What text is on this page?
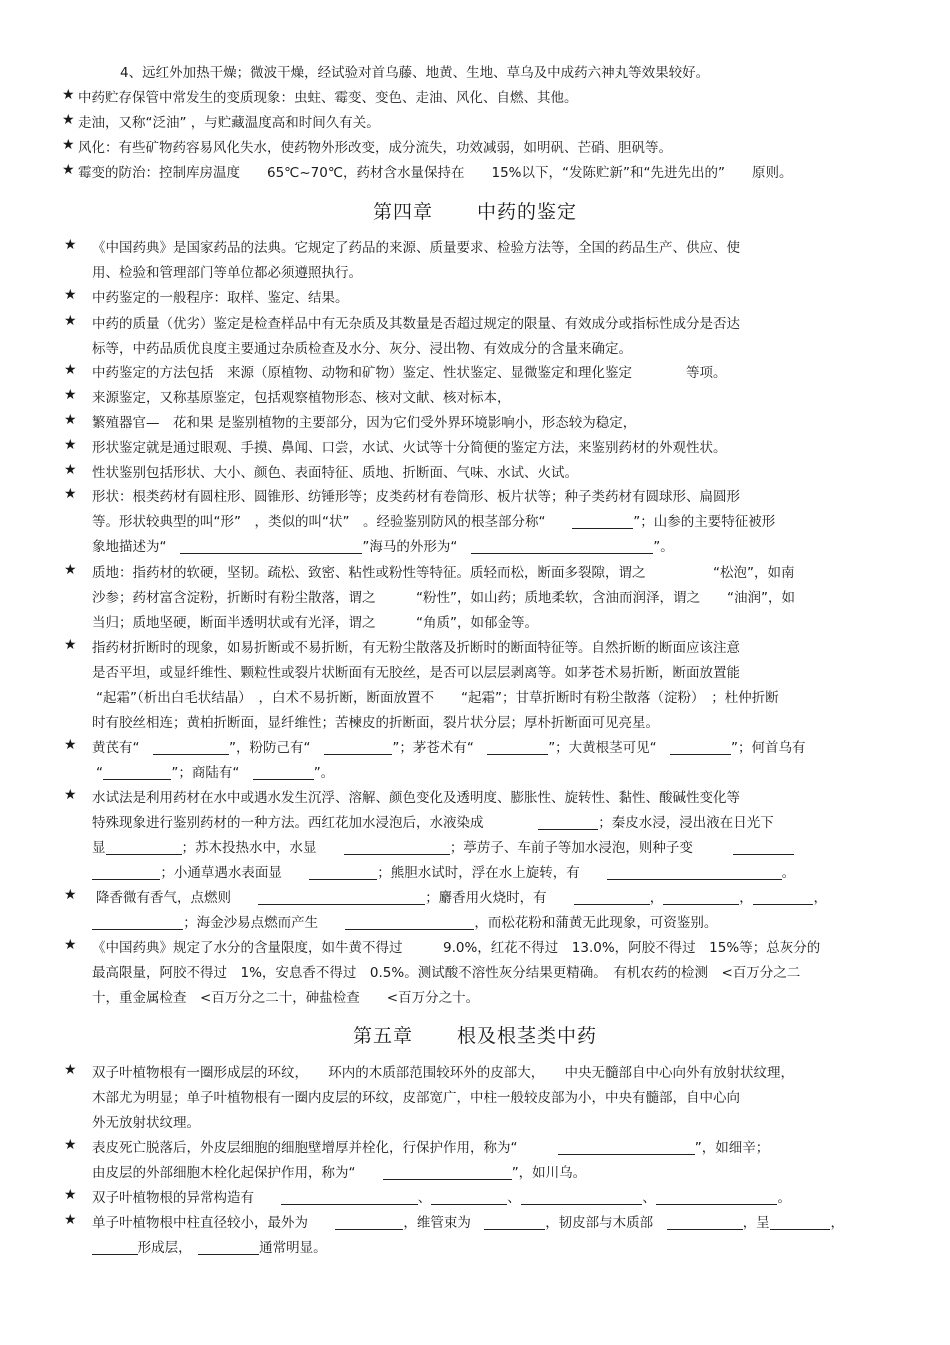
4、远红外加热干燥；微波干燥，经试验对首乌藤、地黄、生地、草乌及中成药六神丸等效果较好。
★ 中药贮存保管中常发生的变质现象：虫蛀、霉变、变色、走油、风化、自燃、其他。
★ 走油，又称“泛油” ，与贮藏温度高和时间久有关。
★ 风化：有些矿物药容易风化失水，使药物外形改变，成分流失，功效减弱，如明矾、芒硝、胆矾等。
★ 霉变的防治：控制库房温度　　65℃~70℃，药材含水量保持在　　15%以下，“发陈贮新”和“先进先出的”　　原则。
★ 《中国药典》是国家药品的法典。它规定了药品的来源、质量要求、检验方法等，全国的药品生产、供应、使
用、检验和管理部门等单位都必须遵照执行。
★ 中药鉴定的一般程序：取样、鉴定、结果。
★ 中药的质量（优劣）鉴定是检查样品中有无杂质及其数量是否超过规定的限量、有效成分或指标性成分是否达
标等，中药品质优良度主要通过杂质检查及水分、灰分、浸出物、有效成分的含量来确定。
★ 中药鉴定的方法包括　来源（原植物、动物和矿物）鉴定、性状鉴定、显微鉴定和理化鉴定　　　　等项。
★ 来源鉴定，又称基原鉴定，包括观察植物形态、核对文献、核对标本，
★ 繁殖器官—　花和果 是鉴别植物的主要部分，因为它们受外界环境影响小，形态较为稳定，
★ 形状鉴定就是通过眼观、手摸、鼻闻、口尝，水试、火试等十分简便的鉴定方法，来鉴别药材的外观性状。
★ 性状鉴别包括形状、大小、颜色、表面特征、质地、折断面、气味、水试、火试。
★ 形状：根类药材有圆柱形、圆锥形、纺锤形等；皮类药材有卷筒形、板片状等；种子类药材有圆球形、扁圆形
等。形状较典型的叫“形”　，类似的叫“状”　。经验鉴别防风的根茎部分称“　　	”；山参的主要特征被形
象地描述为“　	”海马的外形为“　	”。
★ 质地：指药材的软硬，坚韧。疏松、致密、粘性或粉性等特征。质轻而松，断面多裂隙，谓之　　　　　“松泡”，如南
沙参；药材富含淀粉，折断时有粉尘散落，谓之　　　“粉性”，如山药；质地柔软，含油而润泽，谓之　　“油润”，如
当归；质地坚硬，断面半透明状或有光泽，谓之　　　“角质”，如郁金等。
★ 指药材折断时的现象，如易折断或不易折断，有无粉尘散落及折断时的断面特征等。自然折断的断面应该注意
是否平坦，或显纤维性、颗粒性或裂片状断面有无胶丝，是否可以层层剥离等。如茅苍术易折断，断面放置能
“起霜”（析出白毛状结晶）　，白术不易折断，断面放置不　　“起霜”；甘草折断时有粉尘散落（淀粉）　；杜仲折断
时有胶丝相连；黄柏折断面，显纤维性；苦楝皮的折断面，裂片状分层；厚朴折断面可见亮星。
★ 黄芪有“　	”，粉防己有“　	”；茅苍术有“　	”；大黄根茎可见“　	”；何首乌有
“	”；商陆有“　	”。
★ 水试法是利用药材在水中或遇水发生沉浮、溶解、颜色变化及透明度、膨胀性、旋转性、黏性、酸碱性变化等
特殊现象进行鉴别药材的一种方法。西红花加水浸泡后，水液染成　　　　	；秦皮水浸，浸出液在日光下
显	；苏木投热水中，水显　　	；葶苈子、车前子等加水浸泡，则种子变　　　
；小通草遇水表面显　　	；熊胆水试时，浮在水上旋转，有　　	。
★ 降香微有香气，点燃则　　	；麝香用火烧时，有　　	，	，	，
；海金沙易点燃而产生　　	，而松花粉和蒲黄无此现象，可资鉴别。
★ 《中国药典》规定了水分的含量限度，如牛黄不得过　　　9.0%，红花不得过　13.0%，阿胶不得过　15%等；总灰分的
最高限量，阿胶不得过　1%，安息香不得过　0.5%。测试酸不溶性灰分结果更精确。　有机农药的检测　<百万分之二
十，重金属检查　<百万分之二十，砷盐检查　　<百万分之十。
★ 双子叶植物根有一圈形成层的环纹，　　环内的木质部范围较环外的皮部大，　　中央无髓部自中心向外有放射状纹理，
木部尤为明显；单子叶植物根有一圈内皮层的环纹，皮部宽广，中柱一般较皮部为小，中央有髓部，自中心向
外无放射状纹理。
★ 表皮死亡脱落后，外皮层细胞的细胞壁增厚并栓化，行保护作用，称为“　　　	”，如细辛；
由皮层的外部细胞木栓化起保护作用，称为“　　	”，如川乌。
★ 双子叶植物根的异常构造有　　	、	、	、	。
★ 单子叶植物根中柱直径较小，最外为　　	，维管束为　	，韧皮部与木质部　	，呈	，
形成层，　	通常明显。
第四章 中药的鉴定
第五章 根及根茎类中药
